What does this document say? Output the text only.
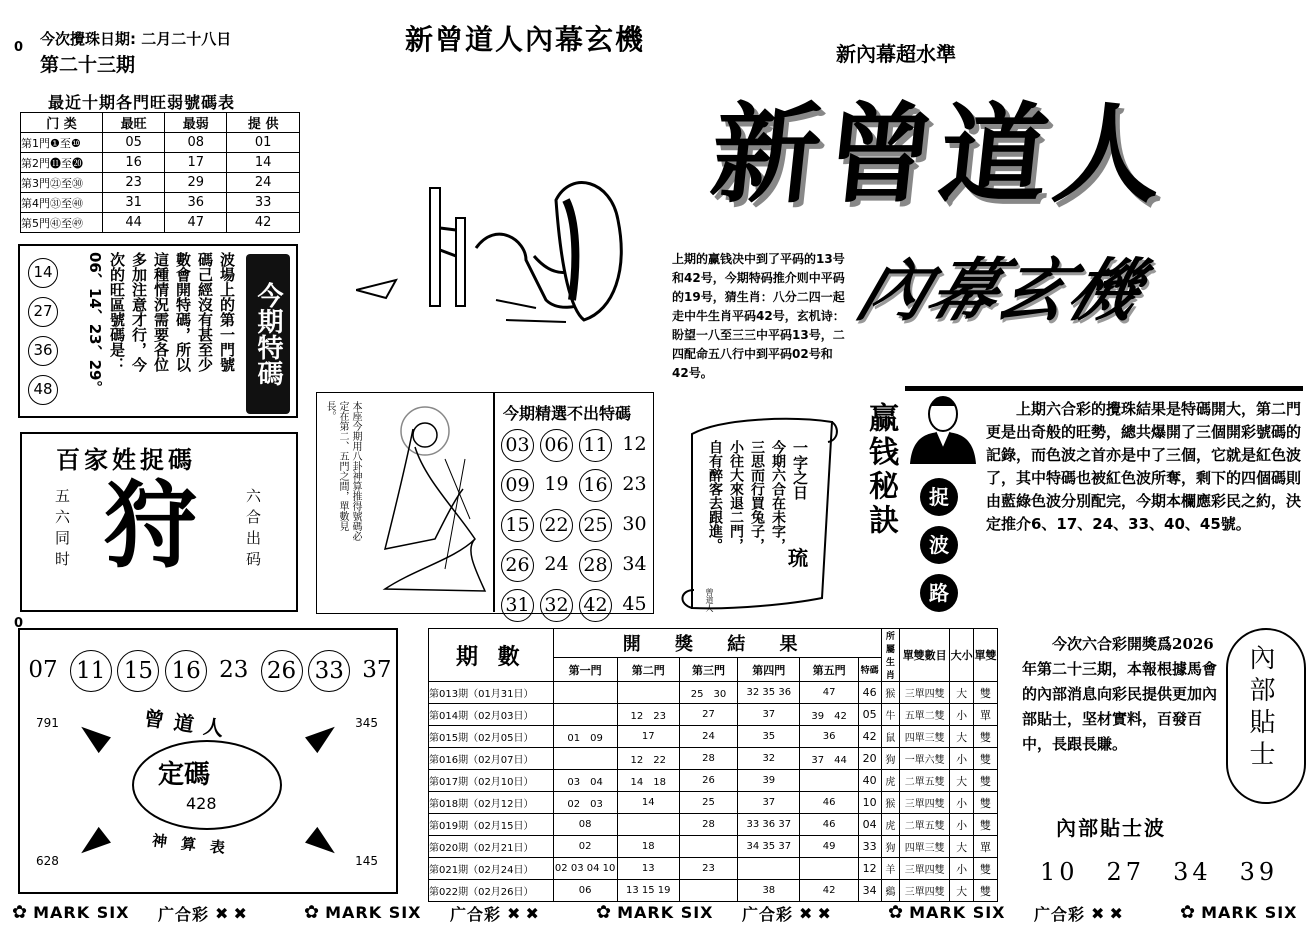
0 今次攪珠日期: 二月二十八日
第二十三期
新曾道人內幕玄機	新內幕超水準
新曾道人
內幕玄機
最近十期各門旺弱號碼表
门 类	最旺	最弱	提 供
第1門❶至❿	05	08	01
第2門⓫至⓴	16	17	14
第3門㉑至㉚	23	29	24
第4門㉛至㊵	31	36	33
第5門㊶至㊾	44	47	42
14 27 36 48
波場上的第一門號
碼己經沒有甚至少
數會開特碼，所以
這種情況需要各位
多加注意才行，今
次的旺區號碼是：
06、14、23、29。	今期特碼
百家姓捉碼
狩
五六同时	六合出码
上期的赢钱决中到了平码的13号和42号，今期特码推介则中平码的19号，猜生肖：八分二四一起走中牛生肖平码42号，玄机诗：盼望一八至三三中平码13号，二四配命五八行中到平码02号和42号。
本座今期用八卦神算推得號碼必定在第二、五門之間，單數見長。	今期精選不出特碼
03 06 11 12
09 19 16 23
15 22 25 30
26 24 28 34
31 32 42 45
今期六合在未字，
三思而行買兔子，
小往大來退二門，
自有醉客去跟進。	一字之日
琉
曾道人
赢钱秘訣	捉
波
路
上期六合彩的攪珠結果是特碼開大，第二門更是出奇般的旺勢，總共爆開了三個開彩號碼的記錄，而色波之首亦是中了三個，它就是紅色波了，其中特碼也被紅色波所奪，剩下的四個碼則由藍綠色波分別配完，今期本欄應彩民之約，決定推介6、17、24、33、40、45號。
0
07 11 15 16 23 26 33 37
791	345
628	145
曾道人
定碼
428
神算表
期 數	開 獎 結 果						所屬生肖	單雙數目	大小	單雙
	第一門	第二門	第三門	第四門	第五門	特碼				
第013期（01月31日）			25　30	32 35 36	47	46	猴	三單四雙	大	雙
第014期（02月03日）		12　23	27	37	39　42	05	牛	五單二雙	小	單
第015期（02月05日）	01　09	17	24	35	36	42	鼠	四單三雙	大	雙
第016期（02月07日）		12　22	28	32	37　44	20	狗	一單六雙	小	雙
第017期（02月10日）	03　04	14　18	26	39		40	虎	二單五雙	大	雙
第018期（02月12日）	02　03	14	25	37	46	10	猴	三單四雙	小	雙
第019期（02月15日）	08		28	33 36 37	46	04	虎	二單五雙	小	雙
第020期（02月21日）	02	18		34 35 37	49	33	狗	四單三雙	大	單
第021期（02月24日）	02 03 04 10	13	23			12	羊	三單四雙	小	雙
第022期（02月26日）	06	13 15 19		38	42	34	鷄	三單四雙	大	雙
今次六合彩開獎爲2026年第二十三期，本報根據馬會的內部消息向彩民提供更加內部貼士，坚材實料，百發百中，長跟長賺。	內部貼士
內部貼士波
10　27　34　39
✿ MARK SIX 广合彩 ✖ ✖	✿ MARK SIX 广合彩 ✖ ✖	✿ MARK SIX 广合彩 ✖ ✖	✿ MARK SIX 广合彩 ✖ ✖	✿ MARK SIX
